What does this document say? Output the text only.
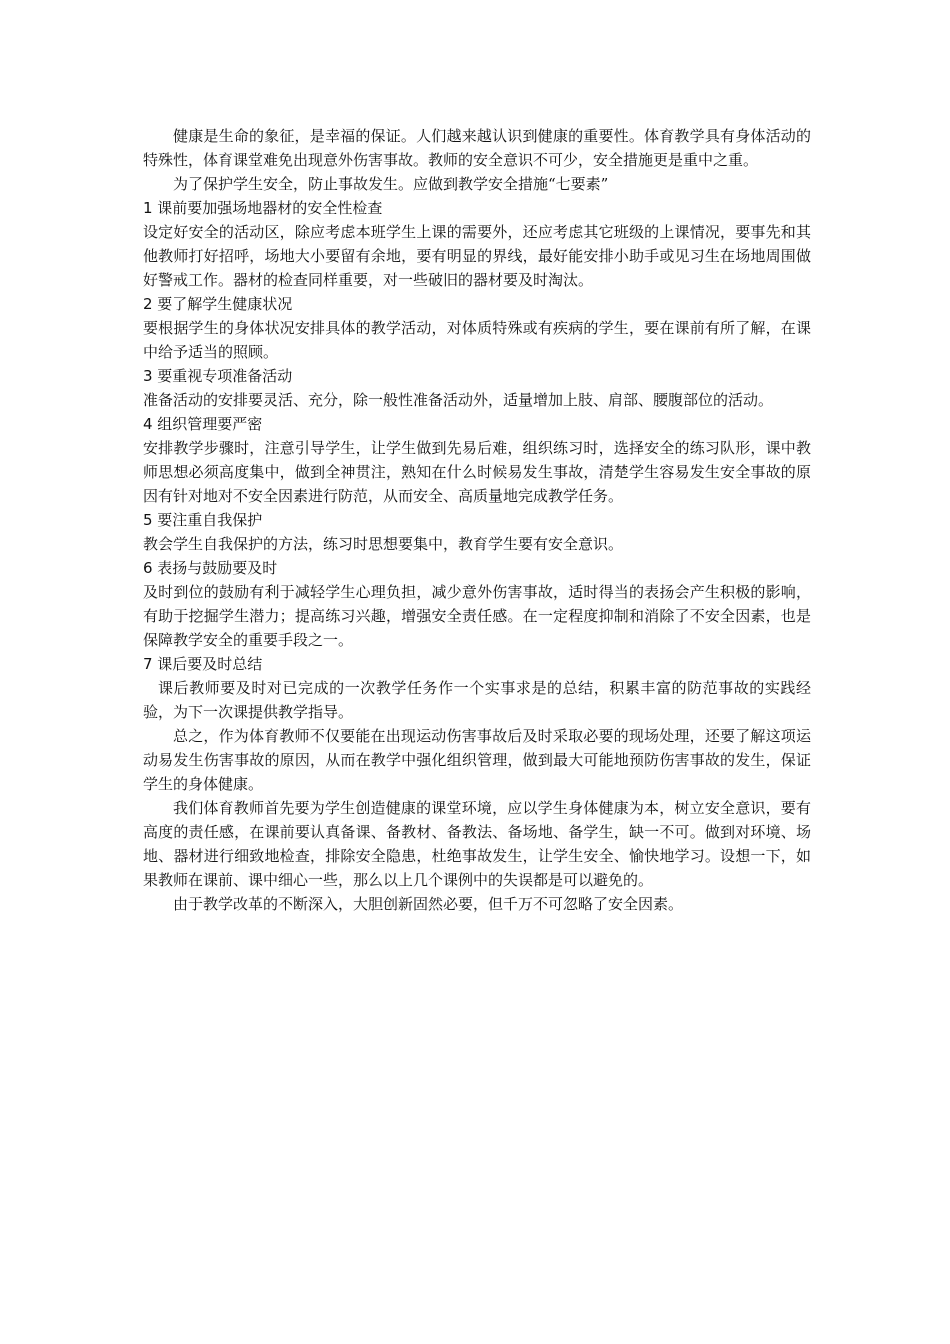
健康是生命的象征，是幸福的保证。人们越来越认识到健康的重要性。体育教学具有身体活动的特殊性，体育课堂难免出现意外伤害事故。教师的安全意识不可少，安全措施更是重中之重。

为了保护学生安全，防止事故发生。应做到教学安全措施“七要素”

1 课前要加强场地器材的安全性检查

设定好安全的活动区，除应考虑本班学生上课的需要外，还应考虑其它班级的上课情况，要事先和其他教师打好招呼，场地大小要留有余地，要有明显的界线，最好能安排小助手或见习生在场地周围做好警戒工作。器材的检查同样重要，对一些破旧的器材要及时淘汰。

2 要了解学生健康状况

要根据学生的身体状况安排具体的教学活动，对体质特殊或有疾病的学生，要在课前有所了解，在课中给予适当的照顾。

3 要重视专项准备活动

准备活动的安排要灵活、充分，除一般性准备活动外，适量增加上肢、肩部、腰腹部位的活动。

4 组织管理要严密

安排教学步骤时，注意引导学生，让学生做到先易后难，组织练习时，选择安全的练习队形，课中教师思想必须高度集中，做到全神贯注，熟知在什么时候易发生事故，清楚学生容易发生安全事故的原因有针对地对不安全因素进行防范，从而安全、高质量地完成教学任务。

5 要注重自我保护

教会学生自我保护的方法，练习时思想要集中，教育学生要有安全意识。

6 表扬与鼓励要及时

及时到位的鼓励有利于减轻学生心理负担，减少意外伤害事故，适时得当的表扬会产生积极的影响，有助于挖掘学生潜力；提高练习兴趣，增强安全责任感。在一定程度抑制和消除了不安全因素，也是保障教学安全的重要手段之一。

7 课后要及时总结

课后教师要及时对已完成的一次教学任务作一个实事求是的总结，积累丰富的防范事故的实践经验，为下一次课提供教学指导。

总之，作为体育教师不仅要能在出现运动伤害事故后及时采取必要的现场处理，还要了解这项运动易发生伤害事故的原因，从而在教学中强化组织管理，做到最大可能地预防伤害事故的发生，保证学生的身体健康。

我们体育教师首先要为学生创造健康的课堂环境，应以学生身体健康为本，树立安全意识，要有高度的责任感，在课前要认真备课、备教材、备教法、备场地、备学生，缺一不可。做到对环境、场地、器材进行细致地检查，排除安全隐患，杜绝事故发生，让学生安全、愉快地学习。设想一下，如果教师在课前、课中细心一些，那么以上几个课例中的失误都是可以避免的。

由于教学改革的不断深入，大胆创新固然必要，但千万不可忽略了安全因素。
